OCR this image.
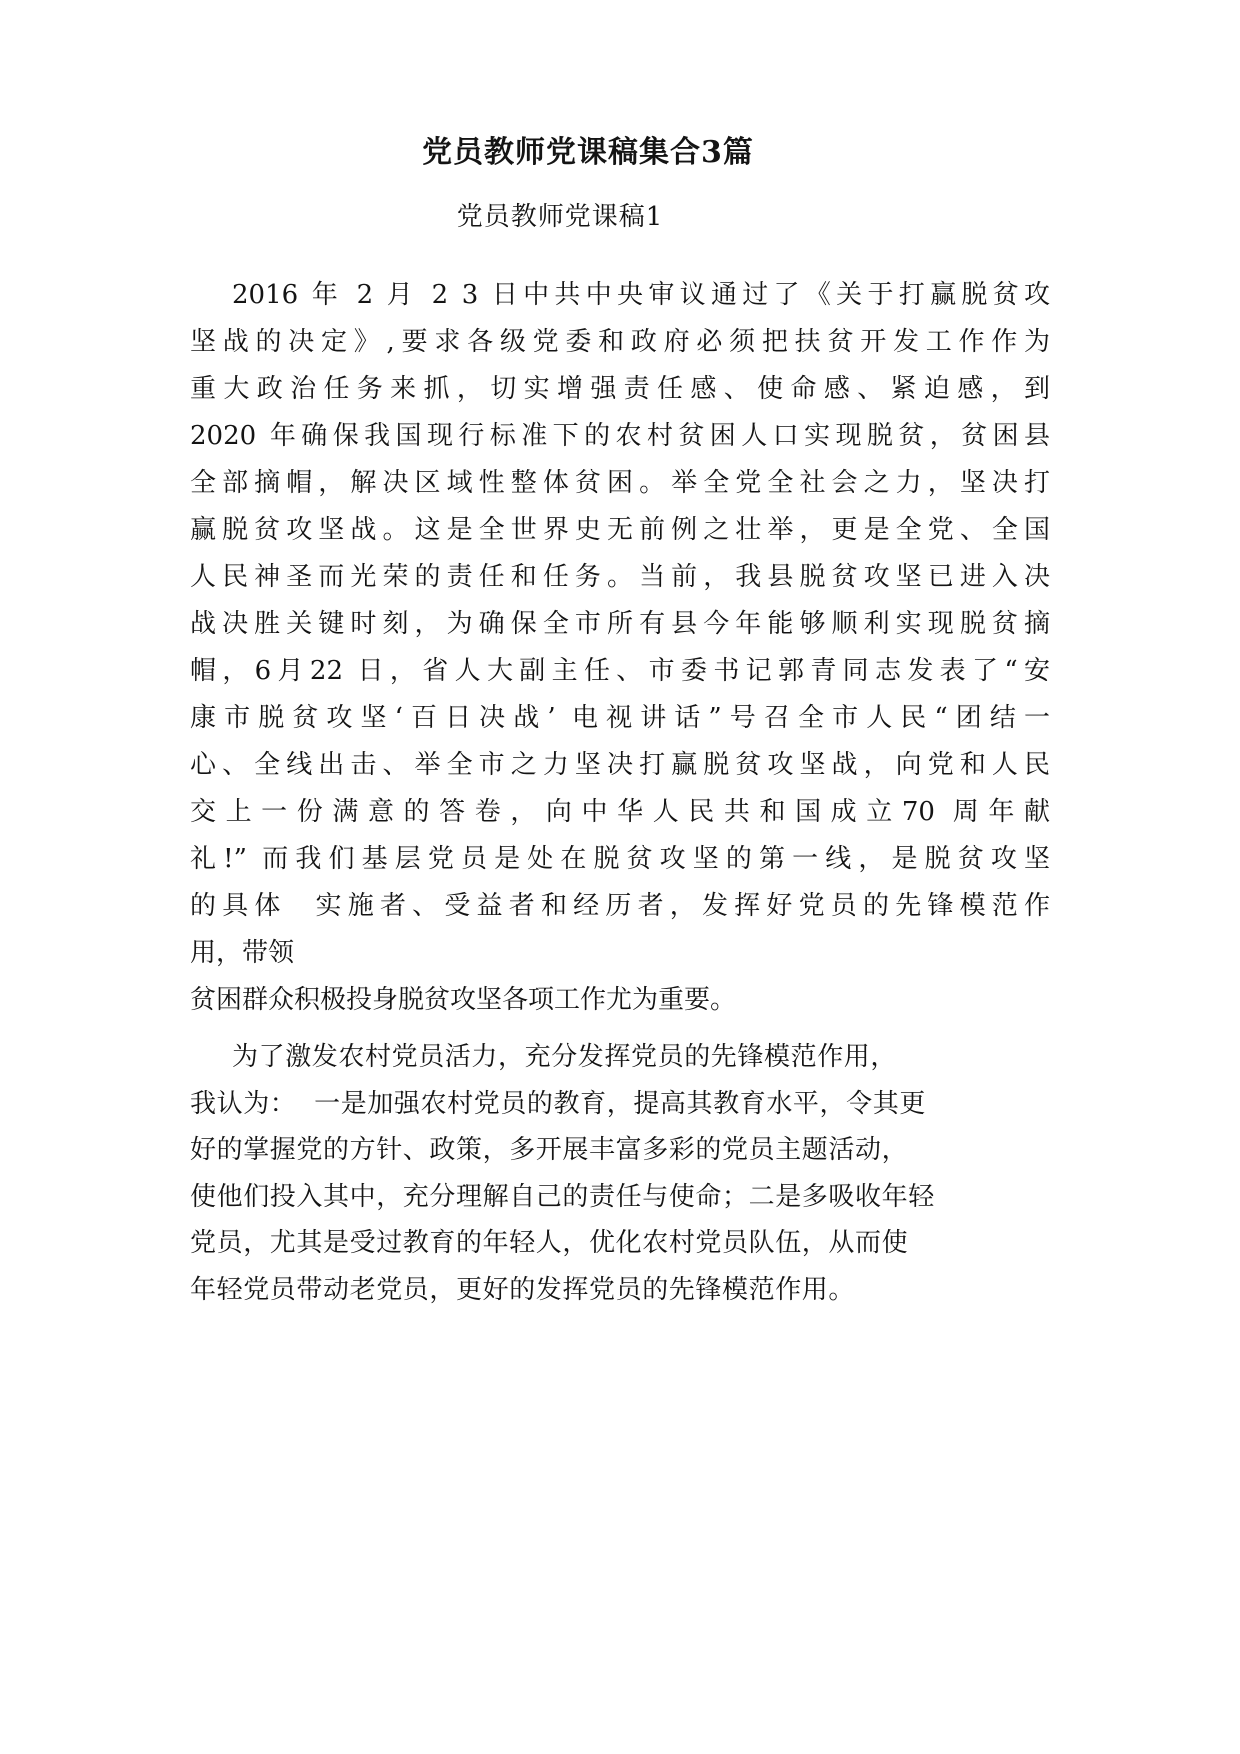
党员教师党课稿集合3篇
党员教师党课稿1
2016 年 2 月 2 3 日中共中央审议通过了《关于打赢脱贫攻
坚战的决定》,要求各级党委和政府必须把扶贫开发工作作为
重大政治任务来抓，切实增强责任感、使命感、紧迫感，到
2020 年确保我国现行标准下的农村贫困人口实现脱贫，贫困县
全部摘帽，解决区域性整体贫困。举全党全社会之力，坚决打
赢脱贫攻坚战。这是全世界史无前例之壮举，更是全党、全国
人民神圣而光荣的责任和任务。当前，我县脱贫攻坚已进入决
战决胜关键时刻，为确保全市所有县今年能够顺利实现脱贫摘
帽，6月22 日，省人大副主任、市委书记郭青同志发表了“安
康市脱贫攻坚‘百日决战’ 电视讲话”号召全市人民“团结一
心、全线出击、举全市之力坚决打赢脱贫攻坚战，向党和人民
交上一份满意的答卷，向中华人民共和国成立70 周年献
礼!” 而我们基层党员是处在脱贫攻坚的第一线，是脱贫攻坚
的具体  实施者、受益者和经历者，发挥好党员的先锋模范作
用，带领
贫困群众积极投身脱贫攻坚各项工作尤为重要。
为了激发农村党员活力，充分发挥党员的先锋模范作用，
我认为：  一是加强农村党员的教育，提高其教育水平，令其更
好的掌握党的方针、政策，多开展丰富多彩的党员主题活动，
使他们投入其中，充分理解自己的责任与使命；二是多吸收年轻
党员，尤其是受过教育的年轻人，优化农村党员队伍，从而使
年轻党员带动老党员，更好的发挥党员的先锋模范作用。
